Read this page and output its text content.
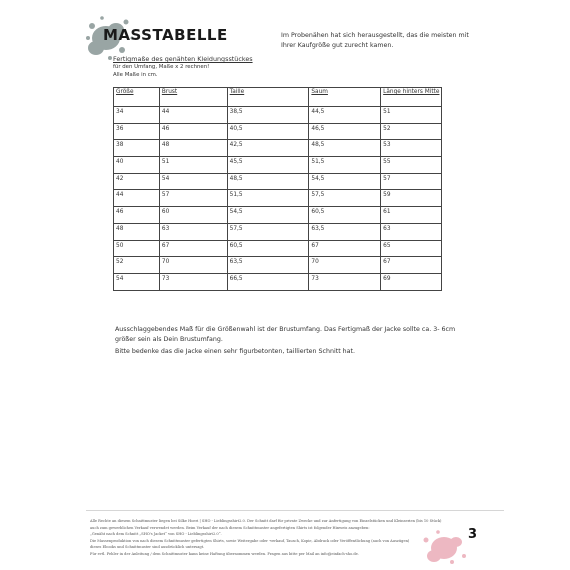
MASSTABELLE	Im Probenähen hat sich herausgestellt, das die meisten mit Ihrer Kaufgröße gut zurecht kamen.
Fertigmaße des genähten Kleidungsstückes
für den Umfang, Maße x 2 rechnen!
Alle Maße in cm.
Größe	Brust	Taille	Saum	Länge hinters Mitte
34	44	38,5	44,5	51
36	46	40,5	46,5	52
38	48	42,5	48,5	53
40	51	45,5	51,5	55
42	54	48,5	54,5	57
44	57	51,5	57,5	59
46	60	54,5	60,5	61
48	63	57,5	63,5	63
50	67	60,5	67	65
52	70	63,5	70	67
54	73	66,5	73	69
Ausschlaggebendes Maß für die Größenwahl ist der Brustumfang. Das Fertigmaß der Jacke sollte ca. 3- 6cm größer sein als Dein Brustumfang.
Bitte bedenke das die Jacke einen sehr figurbetonten, taillierten Schnitt hat.
Alle Rechte an diesem Schnittmuster liegen bei Silke Hoeri | SHO - Lieblingsshirt2.0. Der Schnitt darf für private Zwecke und zur Anfertigung von Einzelstücken und Kleinserien (bis 10 Stück)
auch zum gewerblichen Verkauf verwendet werden. Beim Verkauf der nach diesem Schnittmuster angefertigten Shirts ist folgender Hinweis anzugeben:
„Genäht nach dem Schnitt „SHO's Jacket“ von SHO - Lieblingsshirt2.0“.
Die Massenproduktion von nach diesem Schnittmuster gefertigten Shirts, sowie Weitergabe oder -verkauf, Tausch, Kopie, Abdruck oder Veröffentlichung (auch von Auszügen)
dieses Ebooks und Schnittmuster sind ausdrücklich untersagt.
Für evtl. Fehler in der Anleitung / dem Schnittmuster kann keine Haftung übernommen werden. Fragen aus bitte per Mail an info@einfach-sho.de.
3
